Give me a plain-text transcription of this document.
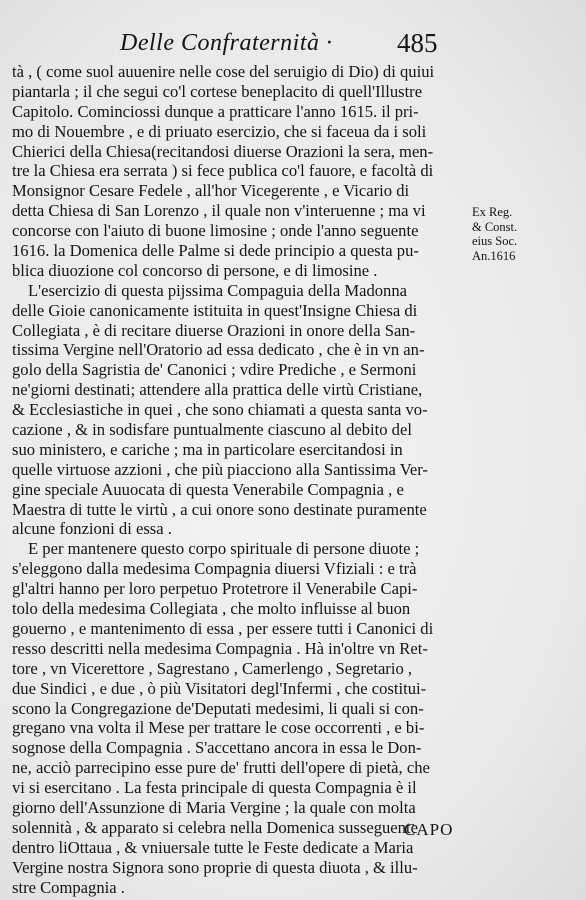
Delle Confraternità · 485
tà , ( come suol auuenire nelle cose del seruigio di Dio) di quiui
piantarla ; il che segui co'l cortese beneplacito di quell'Illustre
Capitolo. Cominciossi dunque a pratticare l'anno 1615. il pri-
mo di Nouembre , e di priuato esercizio, che si faceua da i soli
Chierici della Chiesa(recitandosi diuerse Orazioni la sera, men-
tre la Chiesa era serrata ) si fece publica co'l fauore, e facoltà di
Monsignor Cesare Fedele , all'hor Vicegerente , e Vicario di
detta Chiesa di San Lorenzo , il quale non v'interuenne ; ma vi
concorse con l'aiuto di buone limosine ; onde l'anno seguente
1616. la Domenica delle Palme si dede principio a questa pu-
blica diuozione col concorso di persone, e di limosine .
L'esercizio di questa pijssima Compaguia della Madonna
delle Gioie canonicamente istituita in quest'Insigne Chiesa di
Collegiata , è di recitare diuerse Orazioni in onore della San-
tissima Vergine nell'Oratorio ad essa dedicato , che è in vn an-
golo della Sagristia de' Canonici ; vdire Prediche , e Sermoni
ne'giorni destinati; attendere alla prattica delle virtù Cristiane,
& Ecclesiastiche in quei , che sono chiamati a questa santa vo-
cazione , & in sodisfare puntualmente ciascuno al debito del
suo ministero, e cariche ; ma in particolare esercitandosi in
quelle virtuose azzioni , che più piacciono alla Santissima Ver-
gine speciale Auuocata di questa Venerabile Compagnia , e
Maestra di tutte le virtù , a cui onore sono destinate puramente
alcune fonzioni di essa .
E per mantenere questo corpo spirituale di persone diuote ;
s'eleggono dalla medesima Compagnia diuersi Vfiziali : e trà
gl'altri hanno per loro perpetuo Protetrore il Venerabile Capi-
tolo della medesima Collegiata , che molto influisse al buon
gouerno , e mantenimento di essa , per essere tutti i Canonici di
resso descritti nella medesima Compagnia . Hà in'oltre vn Ret-
tore , vn Vicerettore , Sagrestano , Camerlengo , Segretario ,
due Sindici , e due , ò più Visitatori degl'Infermi , che costitui-
scono la Congregazione de'Deputati medesimi, li quali si con-
gregano vna volta il Mese per trattare le cose occorrenti , e bi-
sognose della Compagnia . S'accettano ancora in essa le Don-
ne, acciò parrecipino esse pure de' frutti dell'opere di pietà, che
vi si esercitano . La festa principale di questa Compagnia è il
giorno dell'Assunzione di Maria Vergine ; la quale con molta
solennità , & apparato si celebra nella Domenica susseguente
dentro liOttaua , & vniuersale tutte le Feste dedicate a Maria
Vergine nostra Signora sono proprie di questa diuota , & illu-
stre Compagnia .
Ex Reg.
& Const.
eius Soc.
An.1616
CAPO
